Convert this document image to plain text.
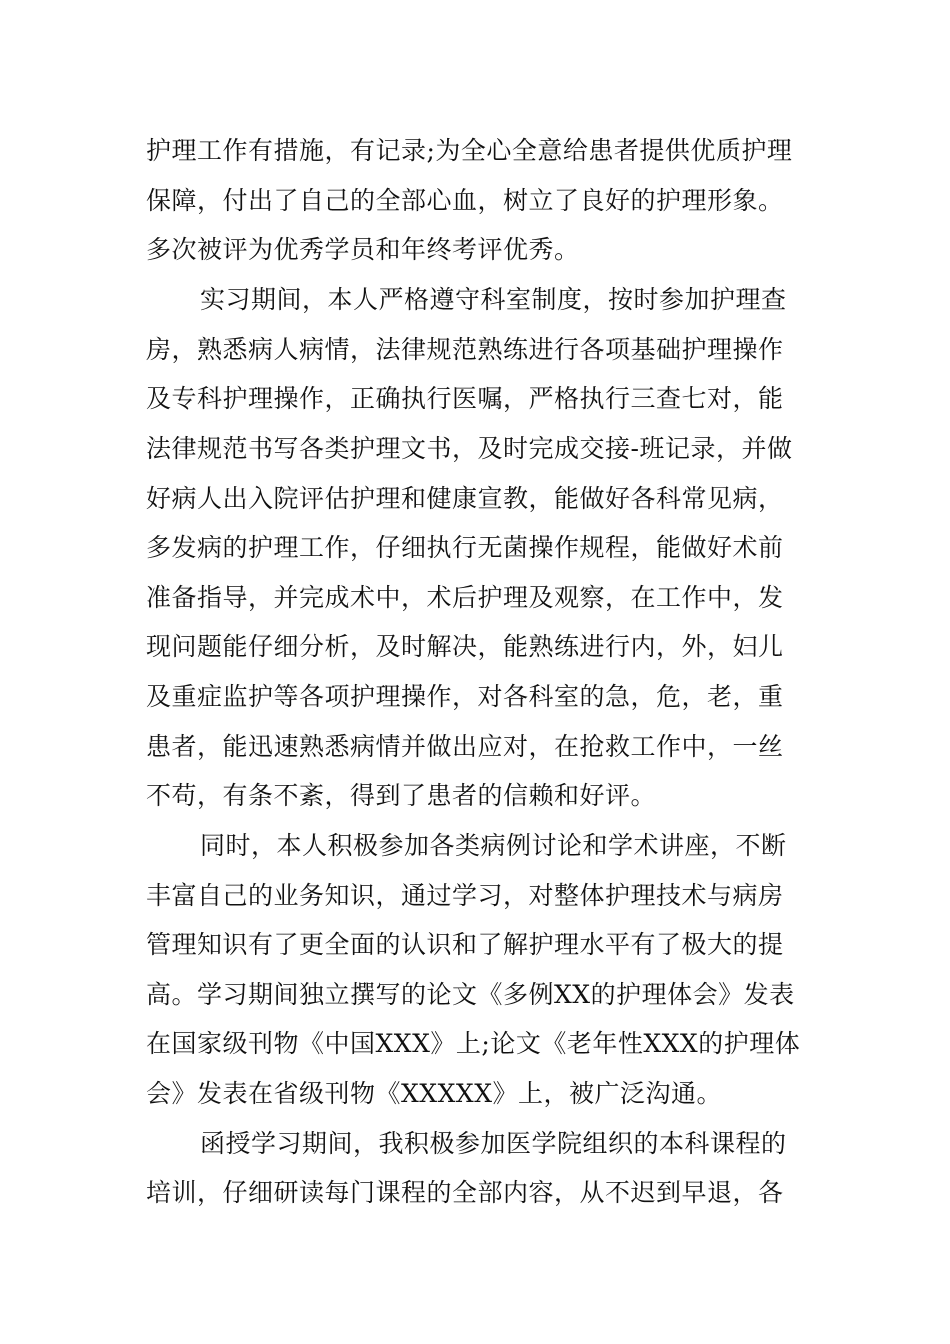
护理工作有措施，有记录;为全心全意给患者提供优质护理
保障，付出了自己的全部心血，树立了良好的护理形象。
多次被评为优秀学员和年终考评优秀。
实习期间，本人严格遵守科室制度，按时参加护理查
房，熟悉病人病情，法律规范熟练进行各项基础护理操作
及专科护理操作，正确执行医嘱，严格执行三查七对，能
法律规范书写各类护理文书，及时完成交接-班记录，并做
好病人出入院评估护理和健康宣教，能做好各科常见病，
多发病的护理工作，仔细执行无菌操作规程，能做好术前
准备指导，并完成术中，术后护理及观察，在工作中，发
现问题能仔细分析，及时解决，能熟练进行内，外，妇儿
及重症监护等各项护理操作，对各科室的急，危，老，重
患者，能迅速熟悉病情并做出应对，在抢救工作中，一丝
不苟，有条不紊，得到了患者的信赖和好评。
同时，本人积极参加各类病例讨论和学术讲座，不断
丰富自己的业务知识，通过学习，对整体护理技术与病房
管理知识有了更全面的认识和了解护理水平有了极大的提
高。学习期间独立撰写的论文《多例XX的护理体会》发表
在国家级刊物《中国XXX》上;论文《老年性XXX的护理体
会》发表在省级刊物《XXXXX》上，被广泛沟通。
函授学习期间，我积极参加医学院组织的本科课程的
培训，仔细研读每门课程的全部内容，从不迟到早退，各
